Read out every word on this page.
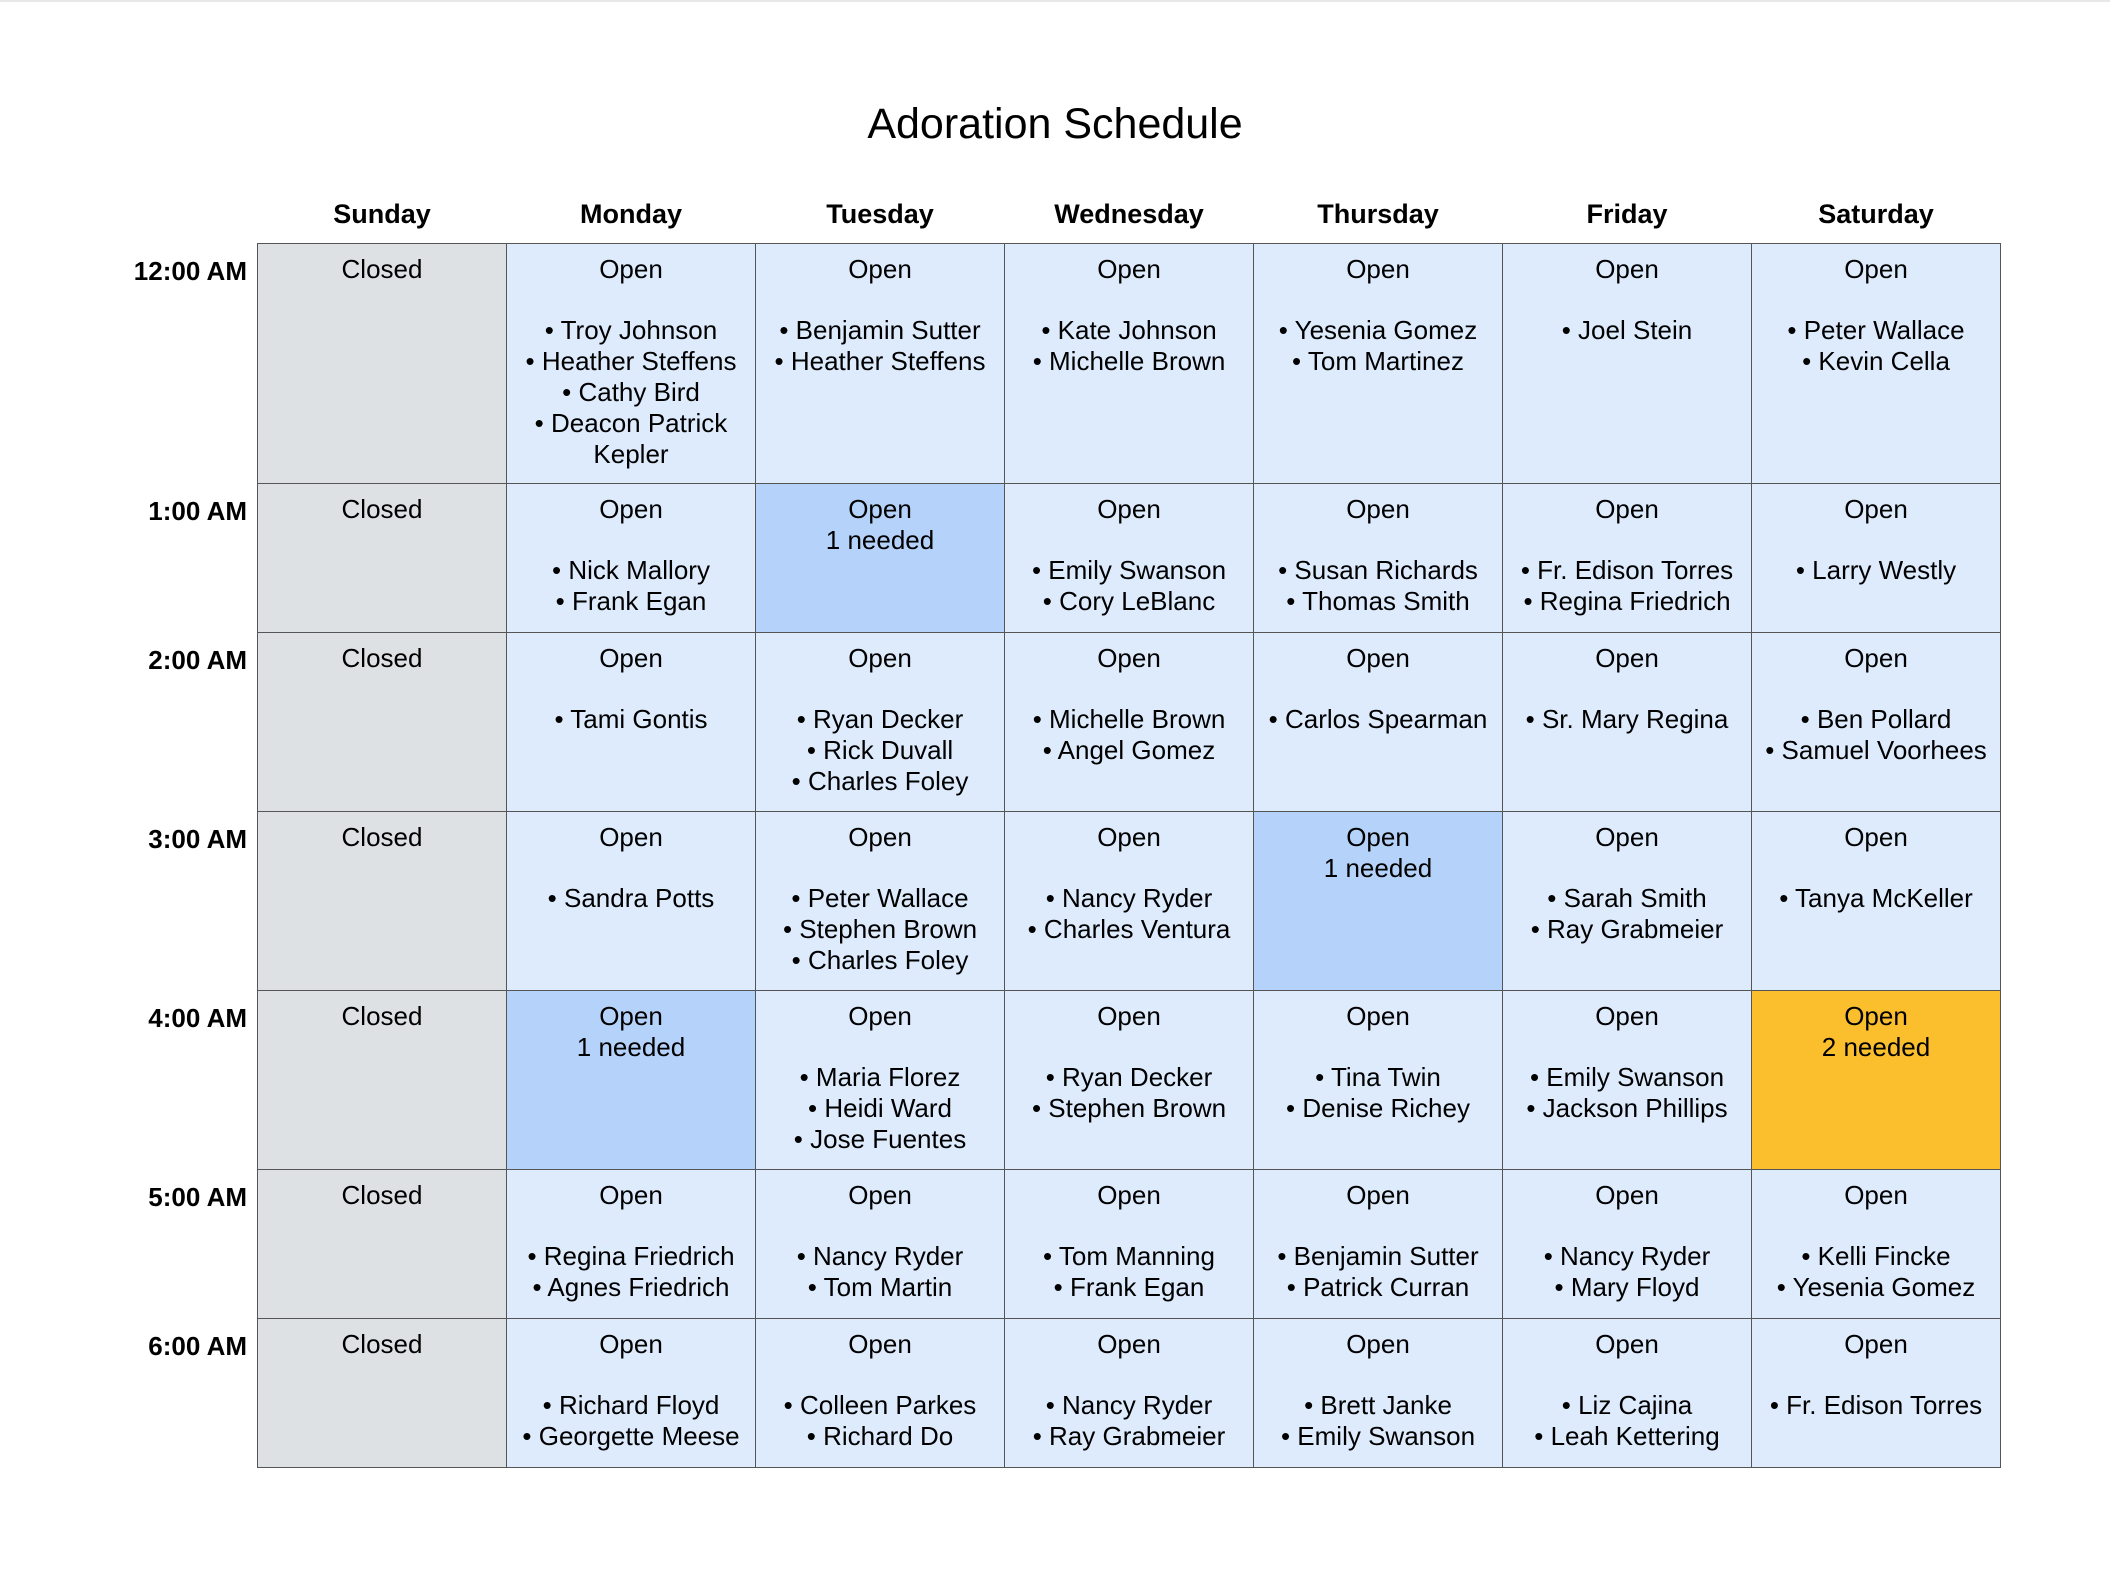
Adoration Schedule
	Sunday	Monday	Tuesday	Wednesday	Thursday	Friday	Saturday
12:00 AM	Closed	Open
• Troy Johnson
• Heather Steffens
• Cathy Bird
• Deacon Patrick Kepler	Open
• Benjamin Sutter
• Heather Steffens	Open
• Kate Johnson
• Michelle Brown	Open
• Yesenia Gomez
• Tom Martinez	Open
• Joel Stein	Open
• Peter Wallace
• Kevin Cella

1:00 AM	Closed	Open
• Nick Mallory
• Frank Egan	Open
1 needed	Open
• Emily Swanson
• Cory LeBlanc	Open
• Susan Richards
• Thomas Smith	Open
• Fr. Edison Torres
• Regina Friedrich	Open
• Larry Westly

2:00 AM	Closed	Open
• Tami Gontis	Open
• Ryan Decker
• Rick Duvall
• Charles Foley	Open
• Michelle Brown
• Angel Gomez	Open
• Carlos Spearman	Open
• Sr. Mary Regina	Open
• Ben Pollard
• Samuel Voorhees

3:00 AM	Closed	Open
• Sandra Potts	Open
• Peter Wallace
• Stephen Brown
• Charles Foley	Open
• Nancy Ryder
• Charles Ventura	Open
1 needed	Open
• Sarah Smith
• Ray Grabmeier	Open
• Tanya McKeller

4:00 AM	Closed	Open
1 needed	Open
• Maria Florez
• Heidi Ward
• Jose Fuentes	Open
• Ryan Decker
• Stephen Brown	Open
• Tina Twin
• Denise Richey	Open
• Emily Swanson
• Jackson Phillips	Open
2 needed

5:00 AM	Closed	Open
• Regina Friedrich
• Agnes Friedrich	Open
• Nancy Ryder
• Tom Martin	Open
• Tom Manning
• Frank Egan	Open
• Benjamin Sutter
• Patrick Curran	Open
• Nancy Ryder
• Mary Floyd	Open
• Kelli Fincke
• Yesenia Gomez

6:00 AM	Closed	Open
• Richard Floyd
• Georgette Meese	Open
• Colleen Parkes
• Richard Do	Open
• Nancy Ryder
• Ray Grabmeier	Open
• Brett Janke
• Emily Swanson	Open
• Liz Cajina
• Leah Kettering	Open
• Fr. Edison Torres
